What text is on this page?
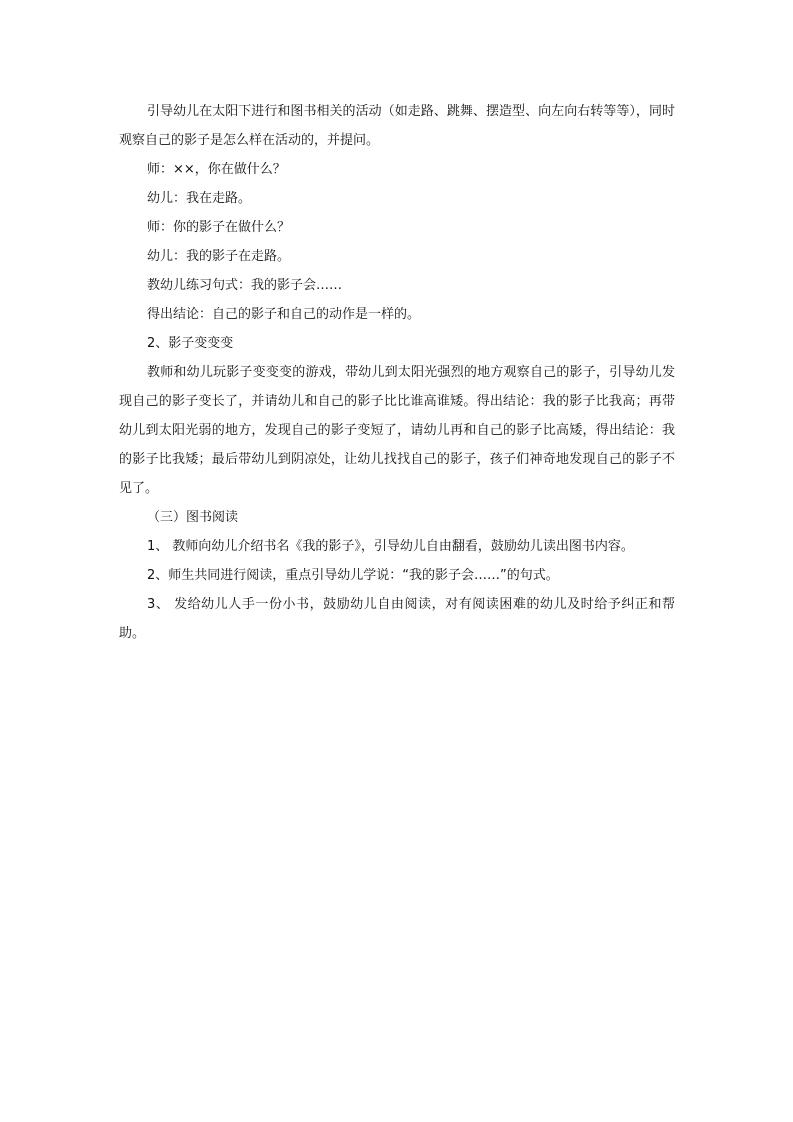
引导幼儿在太阳下进行和图书相关的活动（如走路、跳舞、摆造型、向左向右转等等），同时观察自己的影子是怎么样在活动的，并提问。

师：××，你在做什么？

幼儿：我在走路。

师：你的影子在做什么？

幼儿：我的影子在走路。

教幼儿练习句式：我的影子会……

得出结论：自己的影子和自己的动作是一样的。

2、影子变变变

教师和幼儿玩影子变变变的游戏，带幼儿到太阳光强烈的地方观察自己的影子，引导幼儿发现自己的影子变长了，并请幼儿和自己的影子比比谁高谁矮。得出结论：我的影子比我高；再带幼儿到太阳光弱的地方，发现自己的影子变短了，请幼儿再和自己的影子比高矮，得出结论：我的影子比我矮；最后带幼儿到阴凉处，让幼儿找找自己的影子，孩子们神奇地发现自己的影子不见了。

（三）图书阅读

1、 教师向幼儿介绍书名《我的影子》，引导幼儿自由翻看，鼓励幼儿读出图书内容。

2、师生共同进行阅读，重点引导幼儿学说：“我的影子会……”的句式。

3、 发给幼儿人手一份小书，鼓励幼儿自由阅读，对有阅读困难的幼儿及时给予纠正和帮助。
